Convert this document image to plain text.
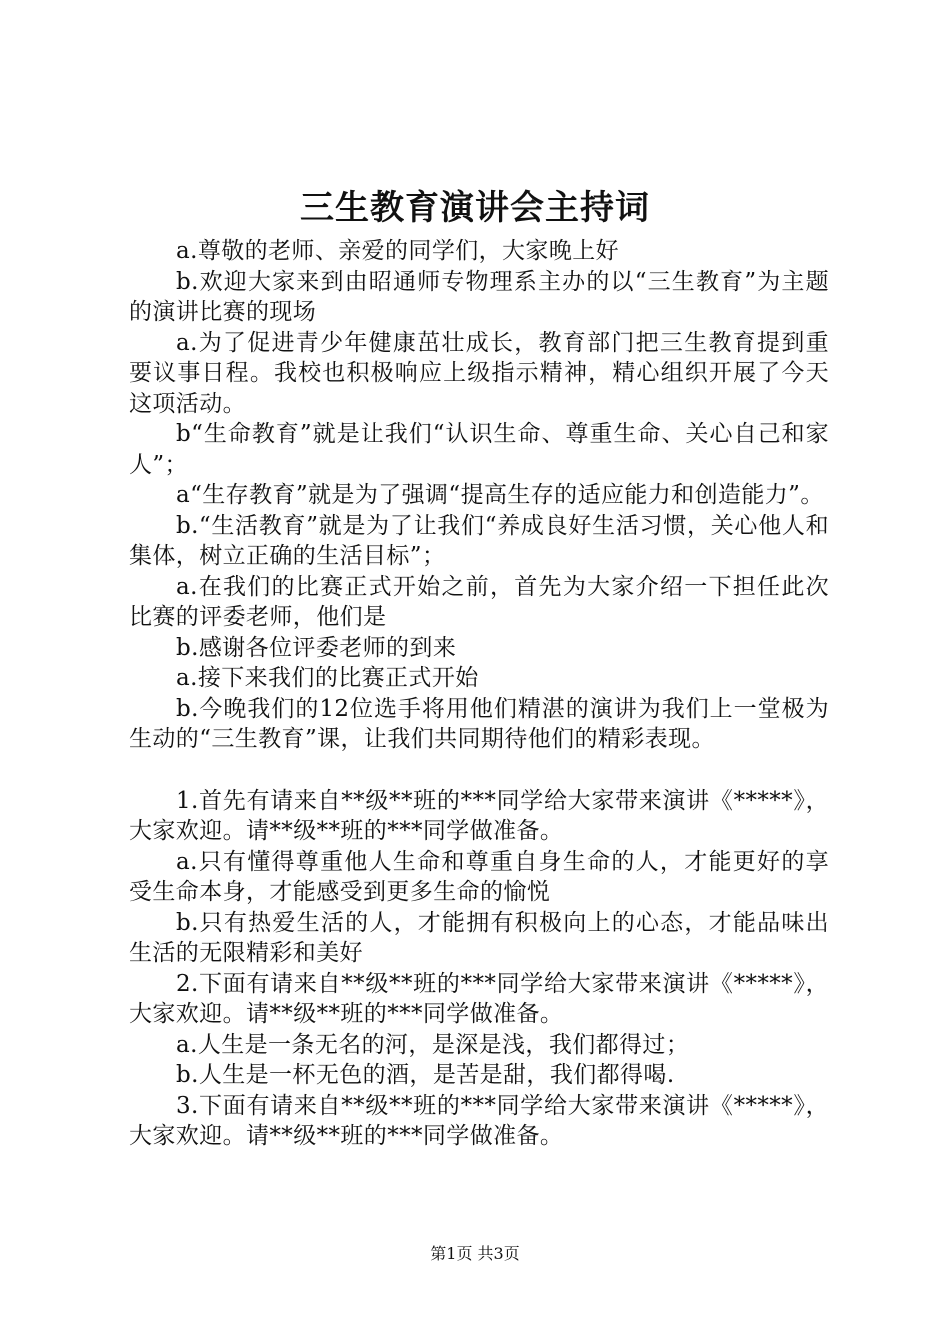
三生教育演讲会主持词

a.尊敬的老师、亲爱的同学们，大家晚上好

b.欢迎大家来到由昭通师专物理系主办的以“三生教育”为主题的演讲比赛的现场

a.为了促进青少年健康茁壮成长，教育部门把三生教育提到重要议事日程。我校也积极响应上级指示精神，精心组织开展了今天这项活动。

b“生命教育”就是让我们“认识生命、尊重生命、关心自己和家人”；

a“生存教育”就是为了强调“提高生存的适应能力和创造能力”。

b.“生活教育”就是为了让我们“养成良好生活习惯，关心他人和集体，树立正确的生活目标”；

a.在我们的比赛正式开始之前，首先为大家介绍一下担任此次比赛的评委老师，他们是

b.感谢各位评委老师的到来

a.接下来我们的比赛正式开始

b.今晚我们的12位选手将用他们精湛的演讲为我们上一堂极为生动的“三生教育”课，让我们共同期待他们的精彩表现。

1.首先有请来自**级**班的***同学给大家带来演讲《*****》，大家欢迎。请**级**班的***同学做准备。

a.只有懂得尊重他人生命和尊重自身生命的人，才能更好的享受生命本身，才能感受到更多生命的愉悦

b.只有热爱生活的人，才能拥有积极向上的心态，才能品味出生活的无限精彩和美好

2.下面有请来自**级**班的***同学给大家带来演讲《*****》，大家欢迎。请**级**班的***同学做准备。

a.人生是一条无名的河，是深是浅，我们都得过；

b.人生是一杯无色的酒，是苦是甜，我们都得喝.

3.下面有请来自**级**班的***同学给大家带来演讲《*****》，大家欢迎。请**级**班的***同学做准备。

第1页 共3页
